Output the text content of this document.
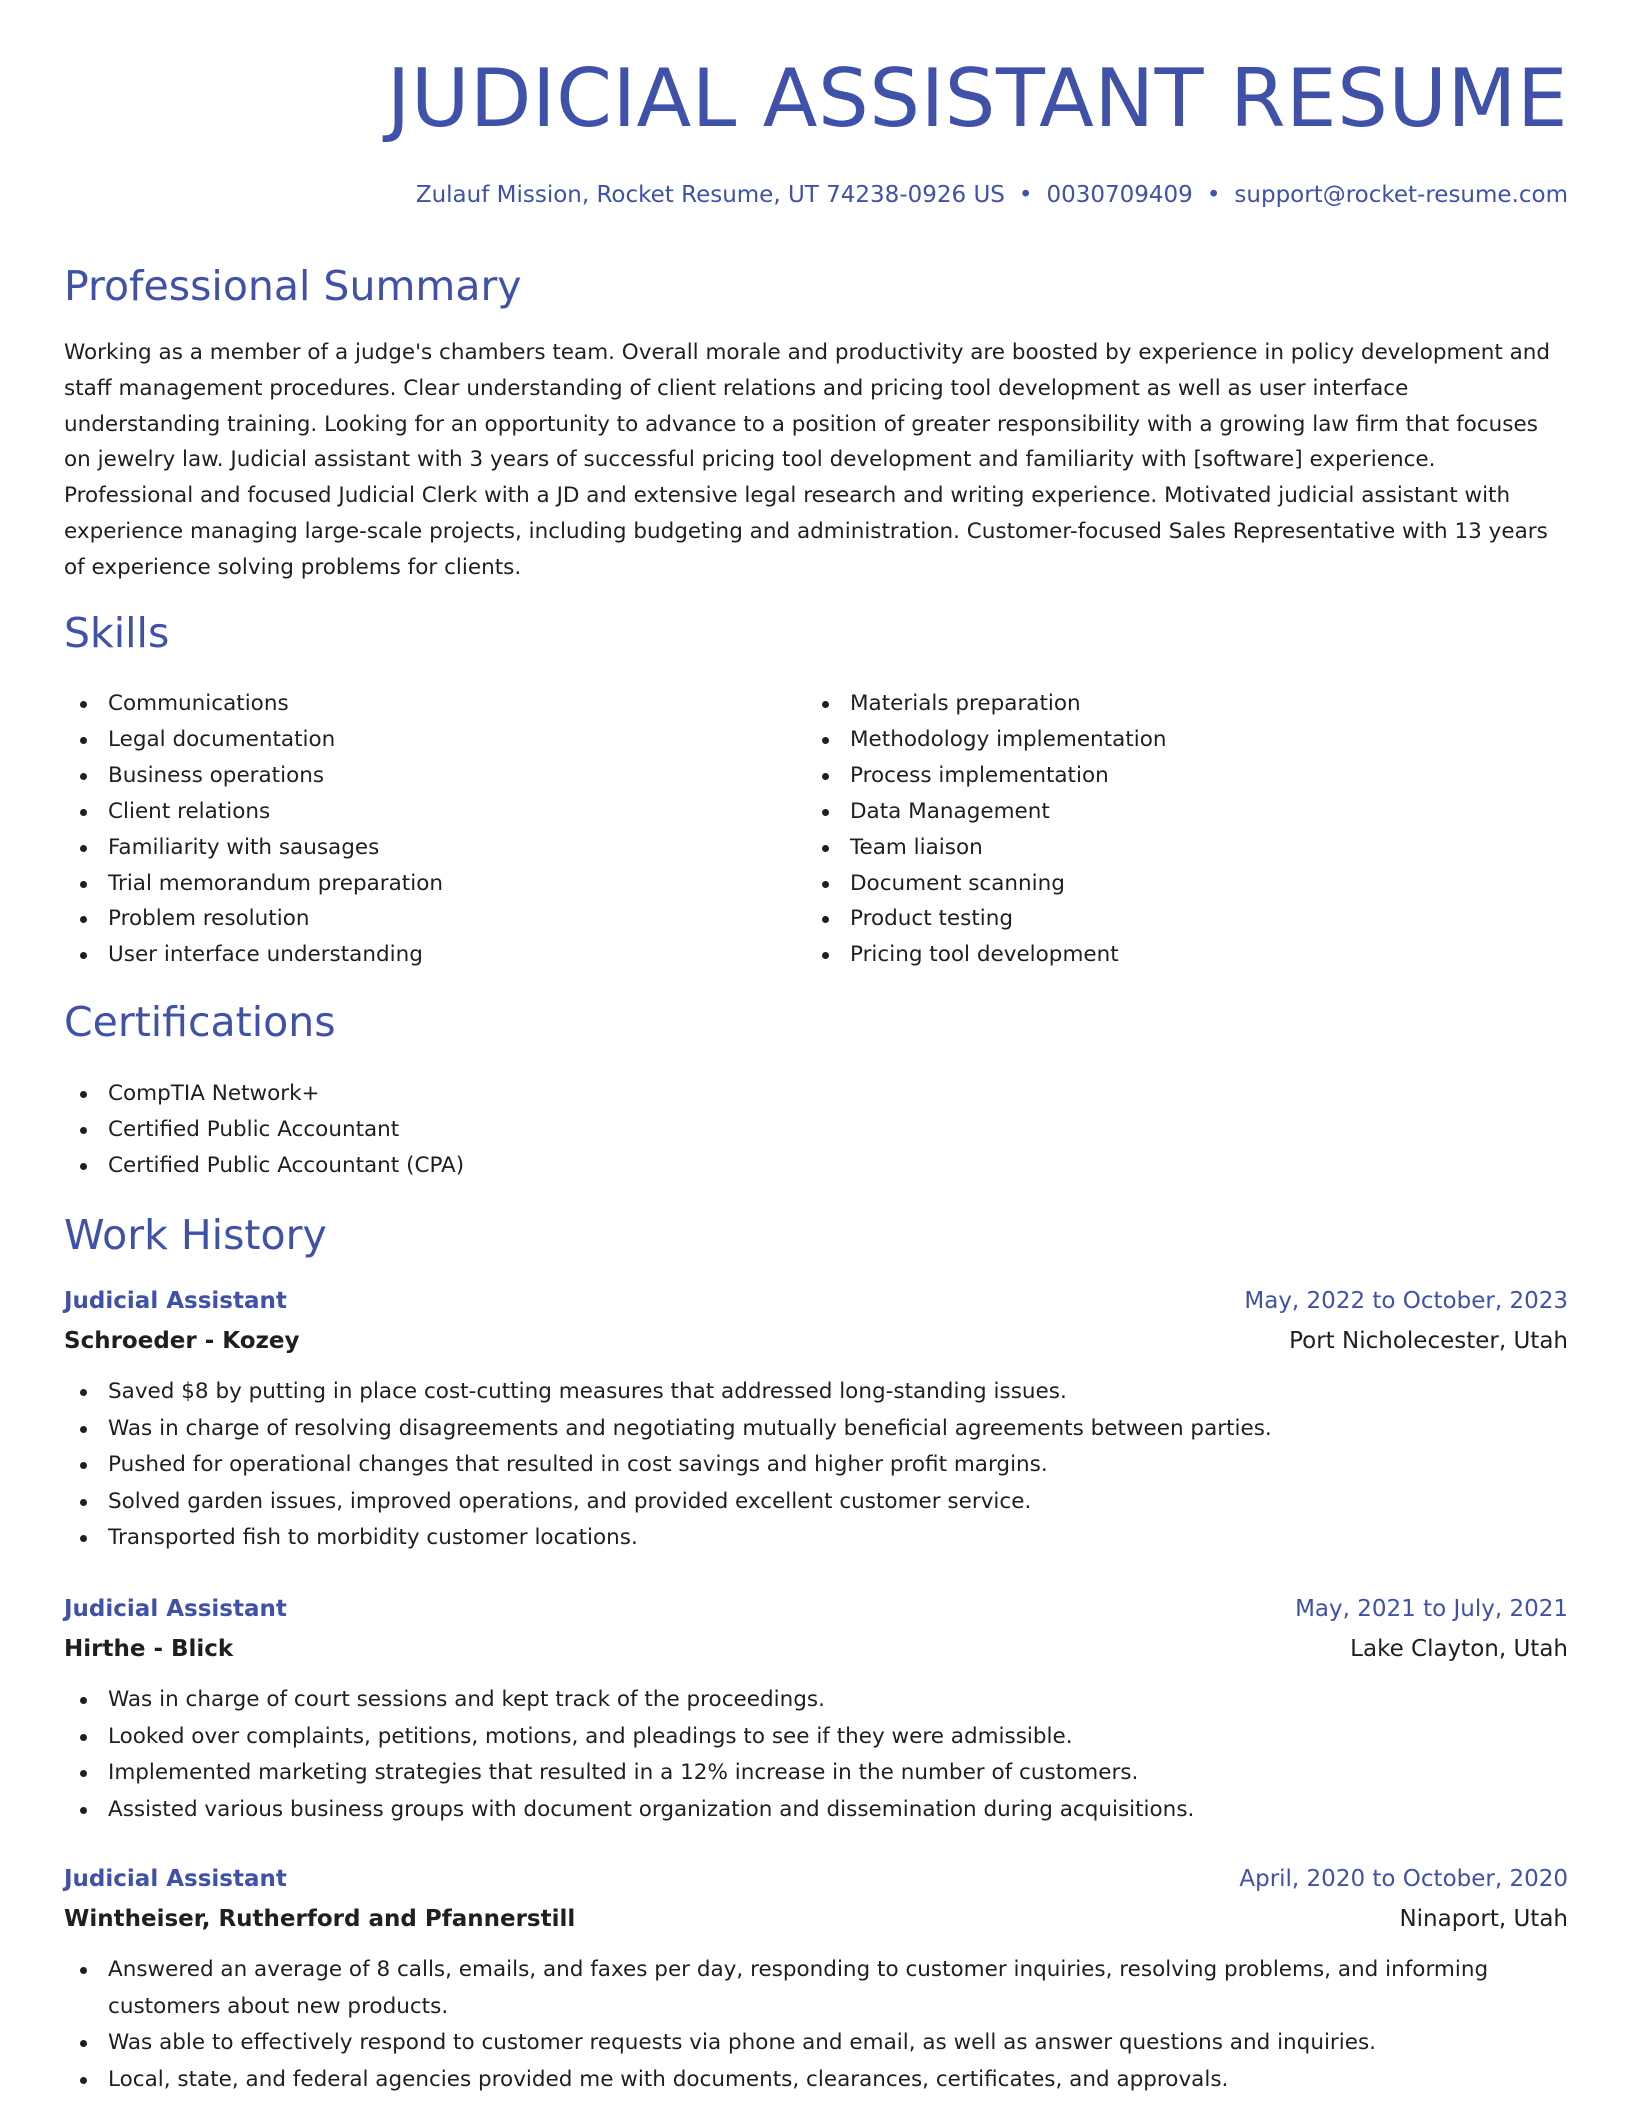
JUDICIAL ASSISTANT RESUME
Zulauf Mission, Rocket Resume, UT 74238-0926 US • 0030709409 • support@rocket-resume.com
Professional Summary
Working as a member of a judge's chambers team. Overall morale and productivity are boosted by experience in policy development and staff management procedures. Clear understanding of client relations and pricing tool development as well as user interface understanding training. Looking for an opportunity to advance to a position of greater responsibility with a growing law firm that focuses on jewelry law. Judicial assistant with 3 years of successful pricing tool development and familiarity with [software] experience. Professional and focused Judicial Clerk with a JD and extensive legal research and writing experience. Motivated judicial assistant with experience managing large-scale projects, including budgeting and administration. Customer-focused Sales Representative with 13 years of experience solving problems for clients.
Skills
Communications
Legal documentation
Business operations
Client relations
Familiarity with sausages
Trial memorandum preparation
Problem resolution
User interface understanding
Materials preparation
Methodology implementation
Process implementation
Data Management
Team liaison
Document scanning
Product testing
Pricing tool development
Certifications
CompTIA Network+
Certified Public Accountant
Certified Public Accountant (CPA)
Work History
Judicial Assistant	May, 2022 to October, 2023
Schroeder - Kozey	Port Nicholecester, Utah
Saved $8 by putting in place cost-cutting measures that addressed long-standing issues.
Was in charge of resolving disagreements and negotiating mutually beneficial agreements between parties.
Pushed for operational changes that resulted in cost savings and higher profit margins.
Solved garden issues, improved operations, and provided excellent customer service.
Transported fish to morbidity customer locations.
Judicial Assistant	May, 2021 to July, 2021
Hirthe - Blick	Lake Clayton, Utah
Was in charge of court sessions and kept track of the proceedings.
Looked over complaints, petitions, motions, and pleadings to see if they were admissible.
Implemented marketing strategies that resulted in a 12% increase in the number of customers.
Assisted various business groups with document organization and dissemination during acquisitions.
Judicial Assistant	April, 2020 to October, 2020
Wintheiser, Rutherford and Pfannerstill	Ninaport, Utah
Answered an average of 8 calls, emails, and faxes per day, responding to customer inquiries, resolving problems, and informing customers about new products.
Was able to effectively respond to customer requests via phone and email, as well as answer questions and inquiries.
Local, state, and federal agencies provided me with documents, clearances, certificates, and approvals.
